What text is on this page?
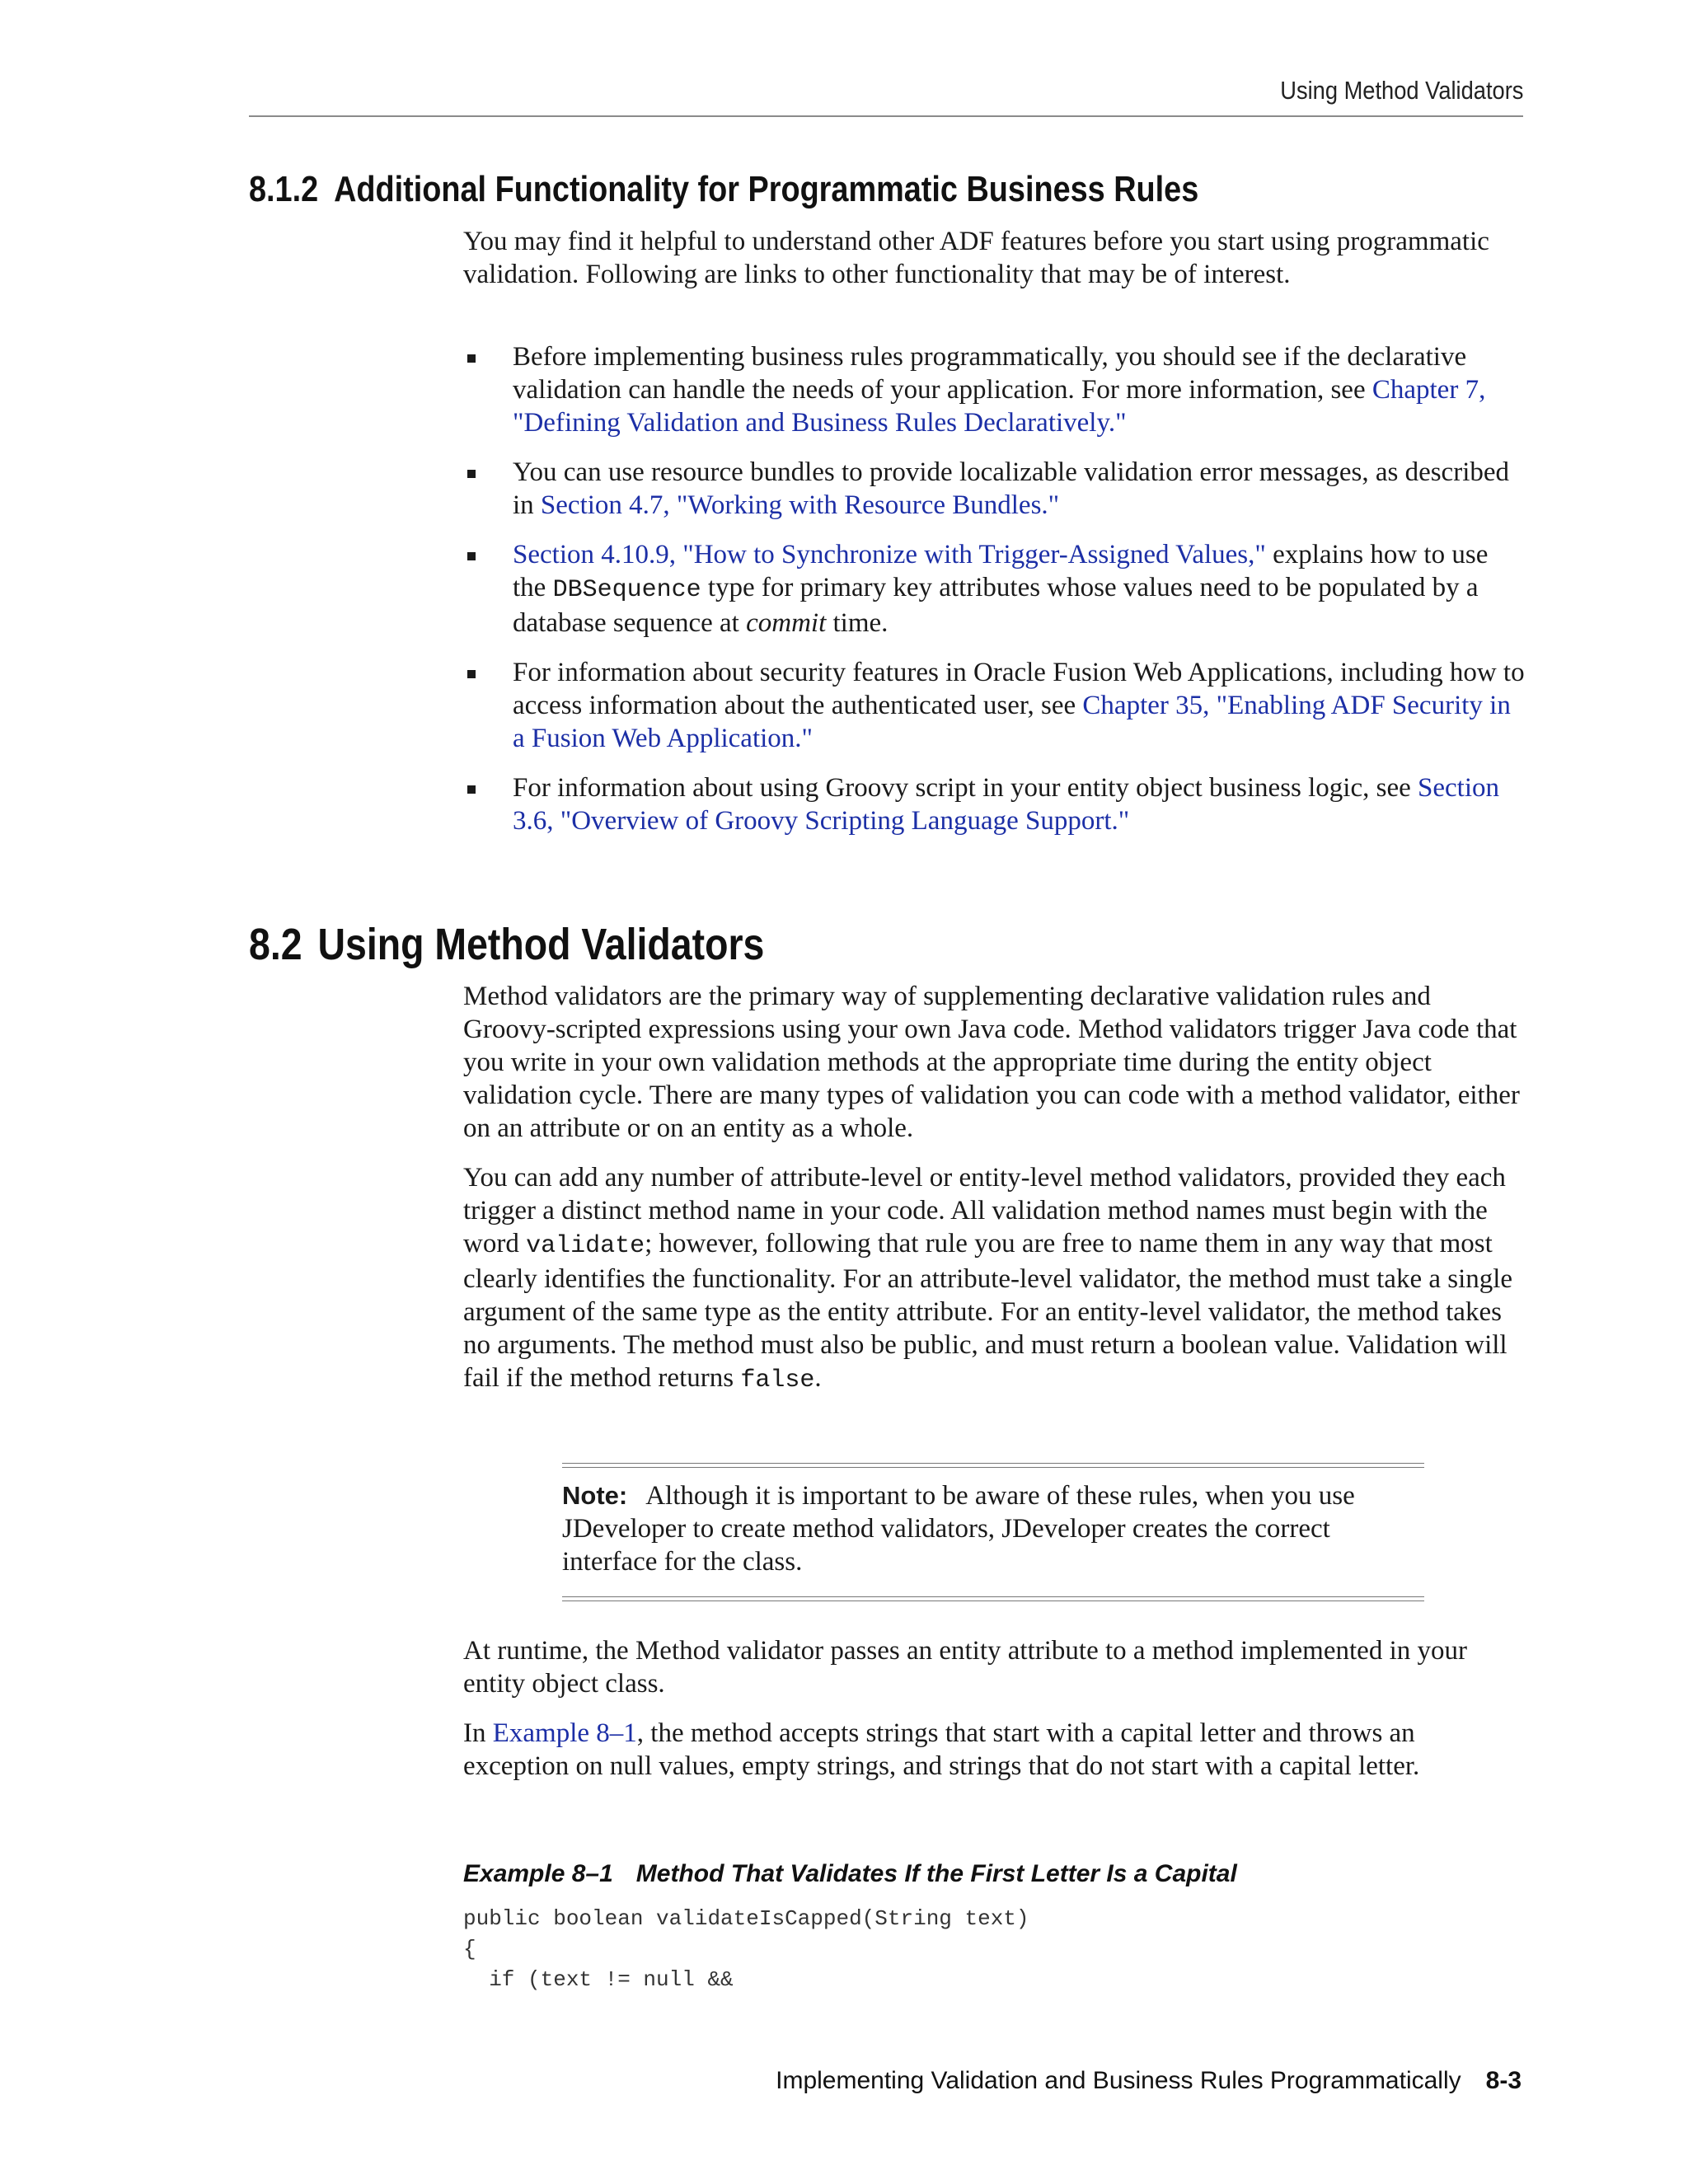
Using Method Validators
8.1.2 Additional Functionality for Programmatic Business Rules

You may find it helpful to understand other ADF features before you start using programmatic validation. Following are links to other functionality that may be of interest.

Before implementing business rules programmatically, you should see if the declarative validation can handle the needs of your application. For more information, see Chapter 7, "Defining Validation and Business Rules Declaratively."
You can use resource bundles to provide localizable validation error messages, as described in Section 4.7, "Working with Resource Bundles."
Section 4.10.9, "How to Synchronize with Trigger-Assigned Values," explains how to use the DBSequence type for primary key attributes whose values need to be populated by a database sequence at commit time.
For information about security features in Oracle Fusion Web Applications, including how to access information about the authenticated user, see Chapter 35, "Enabling ADF Security in a Fusion Web Application."
For information about using Groovy script in your entity object business logic, see Section 3.6, "Overview of Groovy Scripting Language Support."
8.2 Using Method Validators

Method validators are the primary way of supplementing declarative validation rules and Groovy-scripted expressions using your own Java code. Method validators trigger Java code that you write in your own validation methods at the appropriate time during the entity object validation cycle. There are many types of validation you can code with a method validator, either on an attribute or on an entity as a whole.

You can add any number of attribute-level or entity-level method validators, provided they each trigger a distinct method name in your code. All validation method names must begin with the word validate; however, following that rule you are free to name them in any way that most clearly identifies the functionality. For an attribute-level validator, the method must take a single argument of the same type as the entity attribute. For an entity-level validator, the method takes no arguments. The method must also be public, and must return a boolean value. Validation will fail if the method returns false.

Note: Although it is important to be aware of these rules, when you use JDeveloper to create method validators, JDeveloper creates the correct interface for the class.

At runtime, the Method validator passes an entity attribute to a method implemented in your entity object class.

In Example 8–1, the method accepts strings that start with a capital letter and throws an exception on null values, empty strings, and strings that do not start with a capital letter.

Example 8–1 Method That Validates If the First Letter Is a Capital
public boolean validateIsCapped(String text)
{
if (text != null &&
Implementing Validation and Business Rules Programmatically 8-3
